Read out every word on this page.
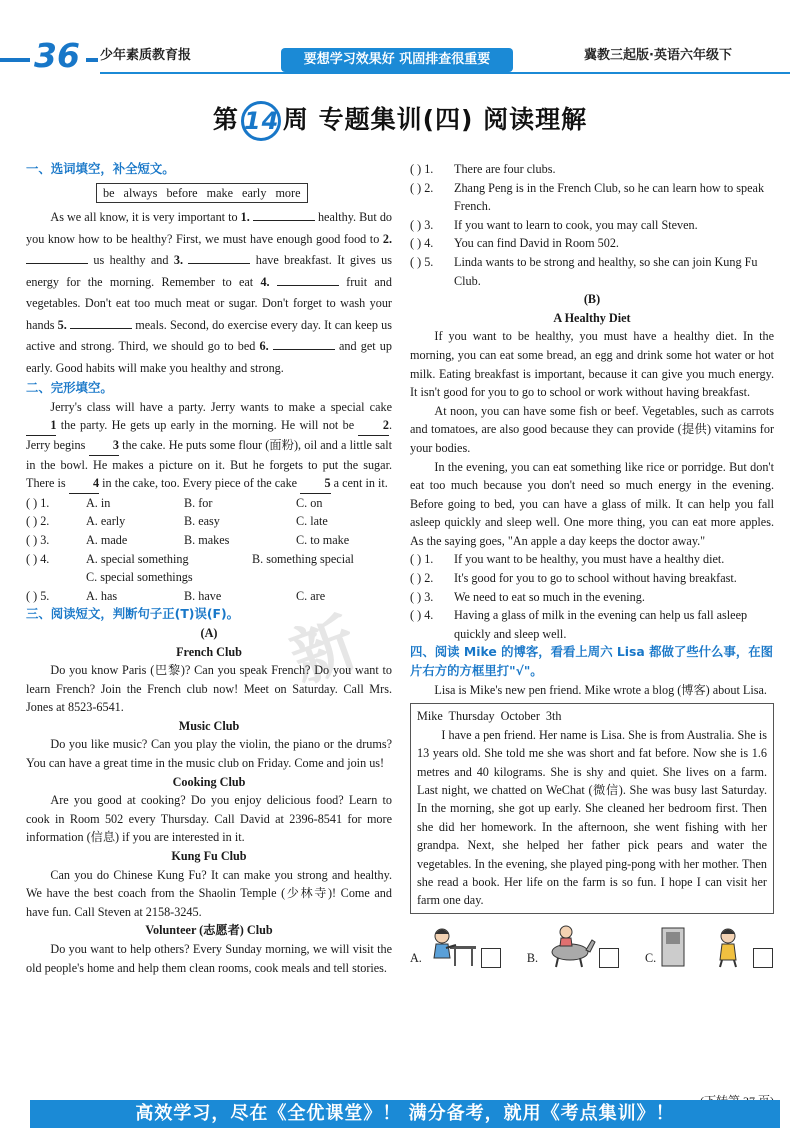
36	少年素质教育报	要想学习效果好 巩固排查很重要	冀教三起版·英语六年级下
第 14 周 专题集训(四) 阅读理解
新
一、选词填空，补全短文。
be always before make early more
As we all know, it is very important to 1.	healthy. But do you know how to be healthy? First, we must have enough good food to 2.  us healthy and 3.	have breakfast. It gives us energy for the morning. Remember to eat 4.	fruit and vegetables. Don't eat too much meat or sugar. Don't forget to wash your hands 5.	meals. Second, do exercise every day. It can keep us active and strong. Third, we should go to bed 6.	and get up early. Good habits will make you healthy and strong.
二、完形填空。
Jerry's class will have a party. Jerry wants to make a special cake 1 the party. He gets up early in the morning. He will not be 2. Jerry begins 3 the cake. He puts some flour (面粉), oil and a little salt in the bowl. He makes a picture on it. But he forgets to put the sugar. There is 4 in the cake, too. Every piece of the cake 5 a cent in it.
( ) 1.	A. in	B. for	C. on
( ) 2.	A. early	B. easy	C. late
( ) 3.	A. made	B. makes	C. to make
( ) 4.	A. special something	B. something special
C. special somethings
( ) 5.	A. has	B. have	C. are
三、阅读短文，判断句子正(T)误(F)。
(A)
French Club
Do you know Paris (巴黎)? Can you speak French? Do you want to learn French? Join the French club now! Meet on Saturday. Call Mrs. Jones at 8523-6541.
Music Club
Do you like music? Can you play the violin, the piano or the drums? You can have a great time in the music club on Friday. Come and join us!
Cooking Club
Are you good at cooking? Do you enjoy delicious food? Learn to cook in Room 502 every Thursday. Call David at 2396-8541 for more information (信息) if you are interested in it.
Kung Fu Club
Can you do Chinese Kung Fu? It can make you strong and healthy. We have the best coach from the Shaolin Temple (少林寺)! Come and have fun. Call Steven at 2158-3245.
Volunteer (志愿者) Club
Do you want to help others? Every Sunday morning, we will visit the old people's home and help them clean rooms, cook meals and tell stories.
( ) 1.	There are four clubs.
( ) 2.	Zhang Peng is in the French Club, so he can learn how to speak French.
( ) 3.	If you want to learn to cook, you may call Steven.
( ) 4.	You can find David in Room 502.
( ) 5.	Linda wants to be strong and healthy, so she can join Kung Fu Club.
(B)
A Healthy Diet
If you want to be healthy, you must have a healthy diet. In the morning, you can eat some bread, an egg and drink some hot water or hot milk. Eating breakfast is important, because it can give you much energy. It isn't good for you to go to school or work without having breakfast.
At noon, you can have some fish or beef. Vegetables, such as carrots and tomatoes, are also good because they can provide (提供) vitamins for your bodies.
In the evening, you can eat something like rice or porridge. But don't eat too much because you don't need so much energy in the evening. Before going to bed, you can have a glass of milk. It can help you fall asleep quickly and sleep well. One more thing, you can eat more apples. As the saying goes, "An apple a day keeps the doctor away."
( ) 1.	If you want to be healthy, you must have a healthy diet.
( ) 2.	It's good for you to go to school without having breakfast.
( ) 3.	We need to eat so much in the evening.
( ) 4.	Having a glass of milk in the evening can help us fall asleep quickly and sleep well.
四、阅读 Mike 的博客，看看上周六 Lisa 都做了些什么事，在图片右方的方框里打"√"。
Lisa is Mike's new pen friend. Mike wrote a blog (博客) about Lisa.
Mike Thursday October 3th
I have a pen friend. Her name is Lisa. She is from Australia. She is 13 years old. She told me she was short and fat before. Now she is 1.6 metres and 40 kilograms. She is shy and quiet. She lives on a farm. Last night, we chatted on WeChat (微信). She was busy last Saturday. In the morning, she got up early. She cleaned her bedroom first. Then she did her homework. In the afternoon, she went fishing with her grandpa. Next, she helped her father pick pears and water the vegetables. In the evening, she played ping-pong with her mother. Then she read a book. Her life on the farm is so fun. I hope I can visit her farm one day.
A.	B.	C.
高效学习，尽在《全优课堂》！ 满分备考，就用《考点集训》！
